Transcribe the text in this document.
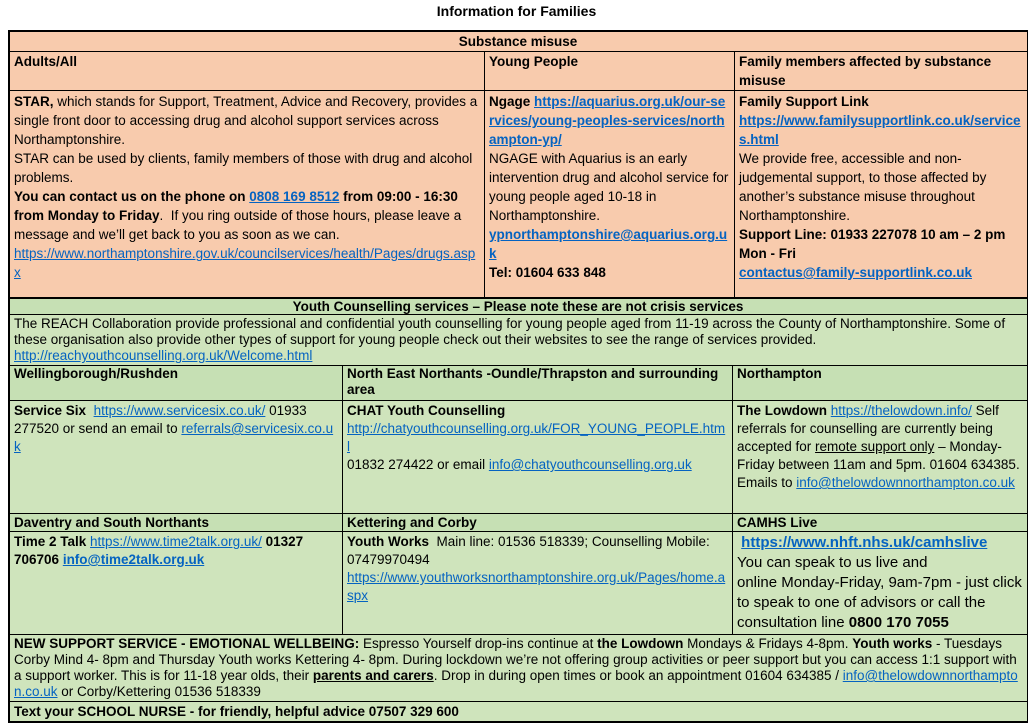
Information for Families
Substance misuse		
Adults/All	Young People	Family members affected by substance misuse

STAR, which stands for Support, Treatment, Advice and Recovery, provides a single front door to accessing drug and alcohol support services across Northamptonshire.
STAR can be used by clients, family members of those with drug and alcohol problems.
You can contact us on the phone on 0808 169 8512 from 09:00 - 16:30 from Monday to Friday.  If you ring outside of those hours, please leave a message and we’ll get back to you as soon as we can.
https://www.northamptonshire.gov.uk/councilservices/health/Pages/drugs.aspx

Ngage https://aquarius.org.uk/our-services/young-peoples-services/northampton-yp/
NGAGE with Aquarius is an early intervention drug and alcohol service for young people aged 10-18 in Northamptonshire.
ypnorthamptonshire@aquarius.org.uk
Tel: 01604 633 848

Family Support Link
https://www.familysupportlink.co.uk/services.html
We provide free, accessible and non-judgemental support, to those affected by another’s substance misuse throughout Northamptonshire.
Support Line: 01933 227078 10 am – 2 pm Mon - Fri
contactus@family-supportlink.co.uk
Youth Counselling services – Please note these are not crisis services		

The REACH Collaboration provide professional and confidential youth counselling for young people aged from 11-19 across the County of Northamptonshire. Some of these organisation also provide other types of support for young people check out their websites to see the range of services provided.
http://reachyouthcounselling.org.uk/Welcome.html		

Wellingborough/Rushden	North East Northants -Oundle/Thrapston and surrounding area	Northampton

Service Six  https://www.servicesix.co.uk/ 01933 277520 or send an email to referrals@servicesix.co.uk

CHAT Youth Counselling
http://chatyouthcounselling.org.uk/FOR_YOUNG_PEOPLE.html
01832 274422 or email info@chatyouthcounselling.org.uk

The Lowdown https://thelowdown.info/ Self referrals for counselling are currently being accepted for remote support only – Monday-Friday between 11am and 5pm. 01604 634385. Emails to info@thelowdownnorthampton.co.uk

Daventry and South Northants	Kettering and Corby	CAMHS Live

Time 2 Talk https://www.time2talk.org.uk/ 01327 706706 info@time2talk.org.uk

Youth Works  Main line: 01536 518339; Counselling Mobile: 07479970494
https://www.youthworksnorthamptonshire.org.uk/Pages/home.aspx

https://www.nhft.nhs.uk/camhslive
You can speak to us live and
online Monday-Friday, 9am-7pm - just click to speak to one of advisors or call the consultation line 0800 170 7055

NEW SUPPORT SERVICE - EMOTIONAL WELLBEING: Espresso Yourself drop-ins continue at the Lowdown Mondays & Fridays 4-8pm. Youth works - Tuesdays Corby Mind 4- 8pm and Thursday Youth works Kettering 4- 8pm. During lockdown we’re not offering group activities or peer support but you can access 1:1 support with a support worker. This is for 11-18 year olds, their parents and carers. Drop in during open times or book an appointment 01604 634385 / info@thelowdownnorthampton.co.uk or Corby/Kettering 01536 518339		

Text your SCHOOL NURSE - for friendly, helpful advice 07507 329 600		
